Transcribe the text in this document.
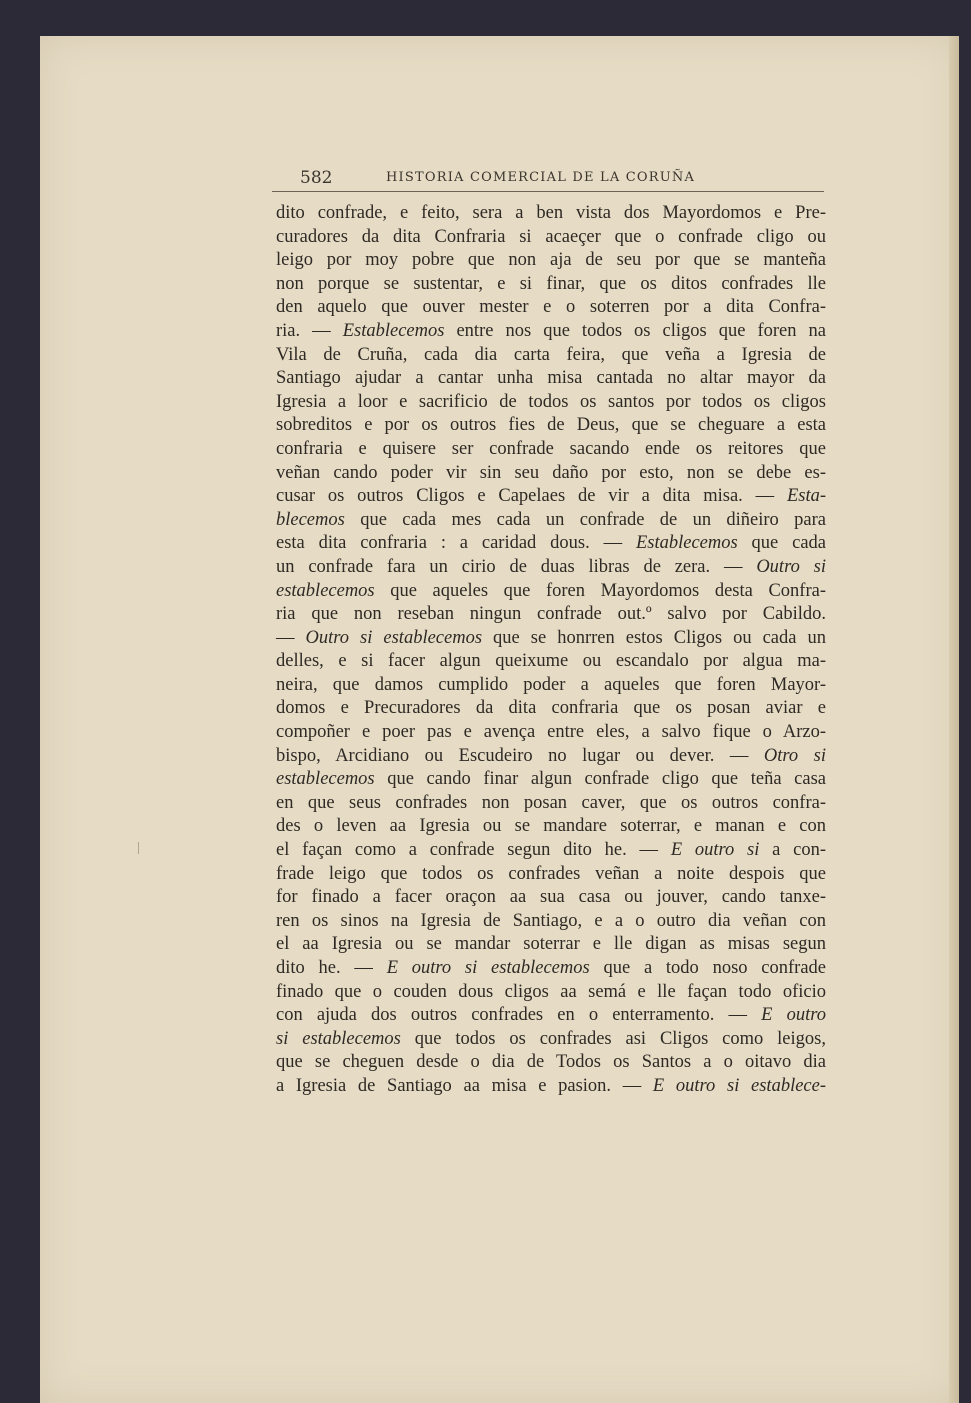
582	HISTORIA COMERCIAL DE LA CORUÑA
dito confrade, e feito, sera a ben vista dos Mayordomos e Pre-
curadores da dita Confraria si acaeçer que o confrade cligo ou
leigo por moy pobre que non aja de seu por que se manteña
non porque se sustentar, e si finar, que os ditos confrades lle
den aquelo que ouver mester e o soterren por a dita Confra-
ria. — Establecemos entre nos que todos os cligos que foren na
Vila de Cruña, cada dia carta feira, que veña a Igresia de
Santiago ajudar a cantar unha misa cantada no altar mayor da
Igresia a loor e sacrificio de todos os santos por todos os cligos
sobreditos e por os outros fies de Deus, que se cheguare a esta
confraria e quisere ser confrade sacando ende os reitores que
veñan cando poder vir sin seu daño por esto, non se debe es-
cusar os outros Cligos e Capelaes de vir a dita misa. — Esta-
blecemos que cada mes cada un confrade de un diñeiro para
esta dita confraria : a caridad dous. — Establecemos que cada
un confrade fara un cirio de duas libras de zera. — Outro si
establecemos que aqueles que foren Mayordomos desta Confra-
ria que non reseban ningun confrade out.º salvo por Cabildo.
— Outro si establecemos que se honrren estos Cligos ou cada un
delles, e si facer algun queixume ou escandalo por algua ma-
neira, que damos cumplido poder a aqueles que foren Mayor-
domos e Precuradores da dita confraria que os posan aviar e
compoñer e poer pas e avença entre eles, a salvo fique o Arzo-
bispo, Arcidiano ou Escudeiro no lugar ou dever. — Otro si
establecemos que cando finar algun confrade cligo que teña casa
en que seus confrades non posan caver, que os outros confra-
des o leven aa Igresia ou se mandare soterrar, e manan e con
el façan como a confrade segun dito he. — E outro si a con-
frade leigo que todos os confrades veñan a noite despois que
for finado a facer oraçon aa sua casa ou jouver, cando tanxe-
ren os sinos na Igresia de Santiago, e a o outro dia veñan con
el aa Igresia ou se mandar soterrar e lle digan as misas segun
dito he. — E outro si establecemos que a todo noso confrade
finado que o couden dous cligos aa semá e lle façan todo oficio
con ajuda dos outros confrades en o enterramento. — E outro
si establecemos que todos os confrades asi Cligos como leigos,
que se cheguen desde o dia de Todos os Santos a o oitavo dia
a Igresia de Santiago aa misa e pasion. — E outro si establece-
